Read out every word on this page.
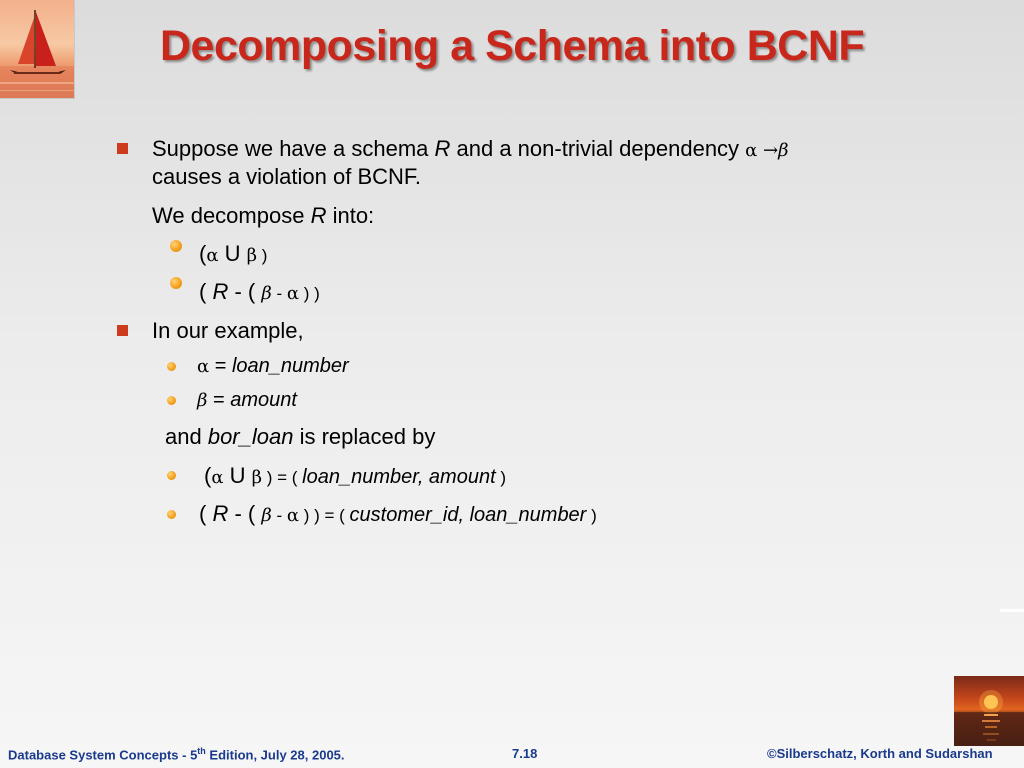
Decomposing a Schema into BCNF
Suppose we have a schema R and a non-trivial dependency α →β
causes a violation of BCNF.
We decompose R into:
(α U β )
( R - ( β - α ) )
In our example,
α = loan_number
β = amount
and bor_loan is replaced by
(α U β ) = ( loan_number, amount )
( R - ( β - α ) ) = ( customer_id, loan_number )
Database System Concepts - 5th Edition, July 28, 2005.	7.18	©Silberschatz, Korth and Sudarshan
